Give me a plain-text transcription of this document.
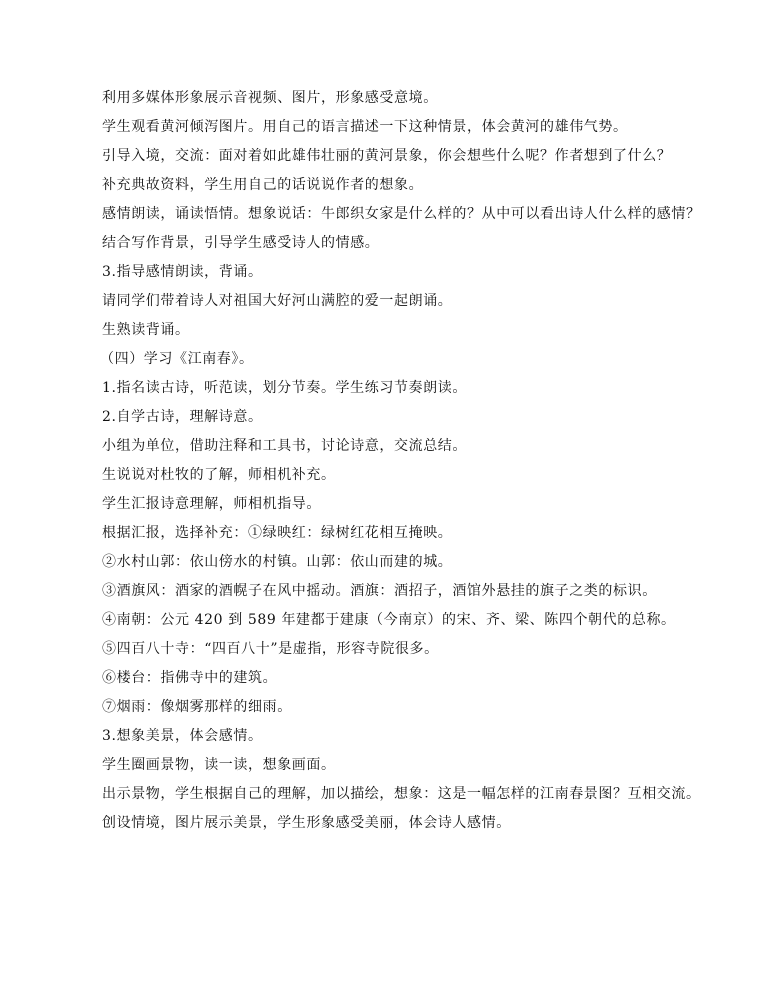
利用多媒体形象展示音视频、图片，形象感受意境。

学生观看黄河倾泻图片。用自己的语言描述一下这种情景，体会黄河的雄伟气势。

引导入境，交流：面对着如此雄伟壮丽的黄河景象，你会想些什么呢？作者想到了什么？

补充典故资料，学生用自己的话说说作者的想象。

感情朗读，诵读悟情。想象说话：牛郎织女家是什么样的？从中可以看出诗人什么样的感情？

结合写作背景，引导学生感受诗人的情感。

3.指导感情朗读，背诵。

请同学们带着诗人对祖国大好河山满腔的爱一起朗诵。

生熟读背诵。

（四）学习《江南春》。

1.指名读古诗，听范读，划分节奏。学生练习节奏朗读。

2.自学古诗，理解诗意。

小组为单位，借助注释和工具书，讨论诗意，交流总结。

生说说对杜牧的了解，师相机补充。

学生汇报诗意理解，师相机指导。

根据汇报，选择补充：①绿映红：绿树红花相互掩映。

②水村山郭：依山傍水的村镇。山郭：依山而建的城。

③酒旗风：酒家的酒幌子在风中摇动。酒旗：酒招子，酒馆外悬挂的旗子之类的标识。

④南朝：公元 420 到 589 年建都于建康（今南京）的宋、齐、梁、陈四个朝代的总称。

⑤四百八十寺：“四百八十”是虚指，形容寺院很多。

⑥楼台：指佛寺中的建筑。

⑦烟雨：像烟雾那样的细雨。

3.想象美景，体会感情。

学生圈画景物，读一读，想象画面。

出示景物，学生根据自己的理解，加以描绘，想象：这是一幅怎样的江南春景图？互相交流。

创设情境，图片展示美景，学生形象感受美丽，体会诗人感情。
